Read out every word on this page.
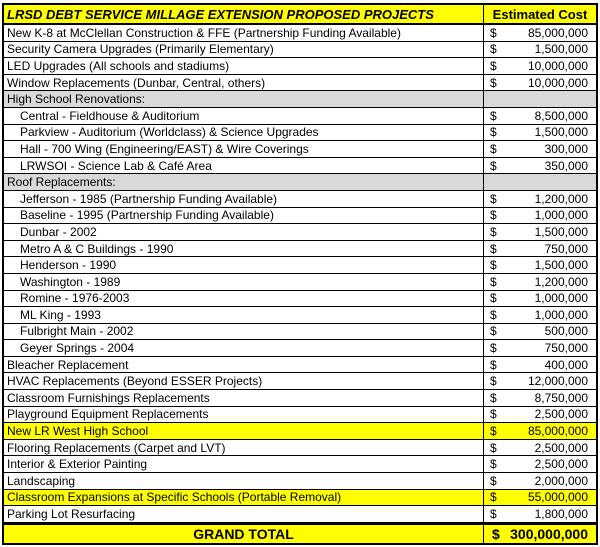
LRSD DEBT SERVICE MILLAGE EXTENSION PROPOSED PROJECTS	Estimated Cost
New K-8 at McClellan Construction & FFE (Partnership Funding Available)	$	85,000,000
Security Camera Upgrades (Primarily Elementary)	$	1,500,000
LED Upgrades (All schools and stadiums)	$	10,000,000
Window Replacements (Dunbar, Central, others)	$	10,000,000
High School Renovations:
Central - Fieldhouse & Auditorium	$	8,500,000
Parkview - Auditorium (Worldclass) & Science Upgrades	$	1,500,000
Hall - 700 Wing (Engineering/EAST) & Wire Coverings	$	300,000
LRWSOI - Science Lab & Café Area	$	350,000
Roof Replacements:
Jefferson - 1985 (Partnership Funding Available)	$	1,200,000
Baseline - 1995 (Partnership Funding Available)	$	1,000,000
Dunbar - 2002	$	1,500,000
Metro A & C Buildings - 1990	$	750,000
Henderson - 1990	$	1,500,000
Washington - 1989	$	1,200,000
Romine - 1976-2003	$	1,000,000
ML King - 1993	$	1,000,000
Fulbright Main - 2002	$	500,000
Geyer Springs - 2004	$	750,000
Bleacher Replacement	$	400,000
HVAC Replacements (Beyond ESSER Projects)	$	12,000,000
Classroom Furnishings Replacements	$	8,750,000
Playground Equipment Replacements	$	2,500,000
New LR West High School	$	85,000,000
Flooring Replacements (Carpet and LVT)	$	2,500,000
Interior & Exterior Painting	$	2,500,000
Landscaping	$	2,000,000
Classroom Expansions at Specific Schools (Portable Removal)	$	55,000,000
Parking Lot Resurfacing	$	1,800,000
GRAND TOTAL	$ 300,000,000
